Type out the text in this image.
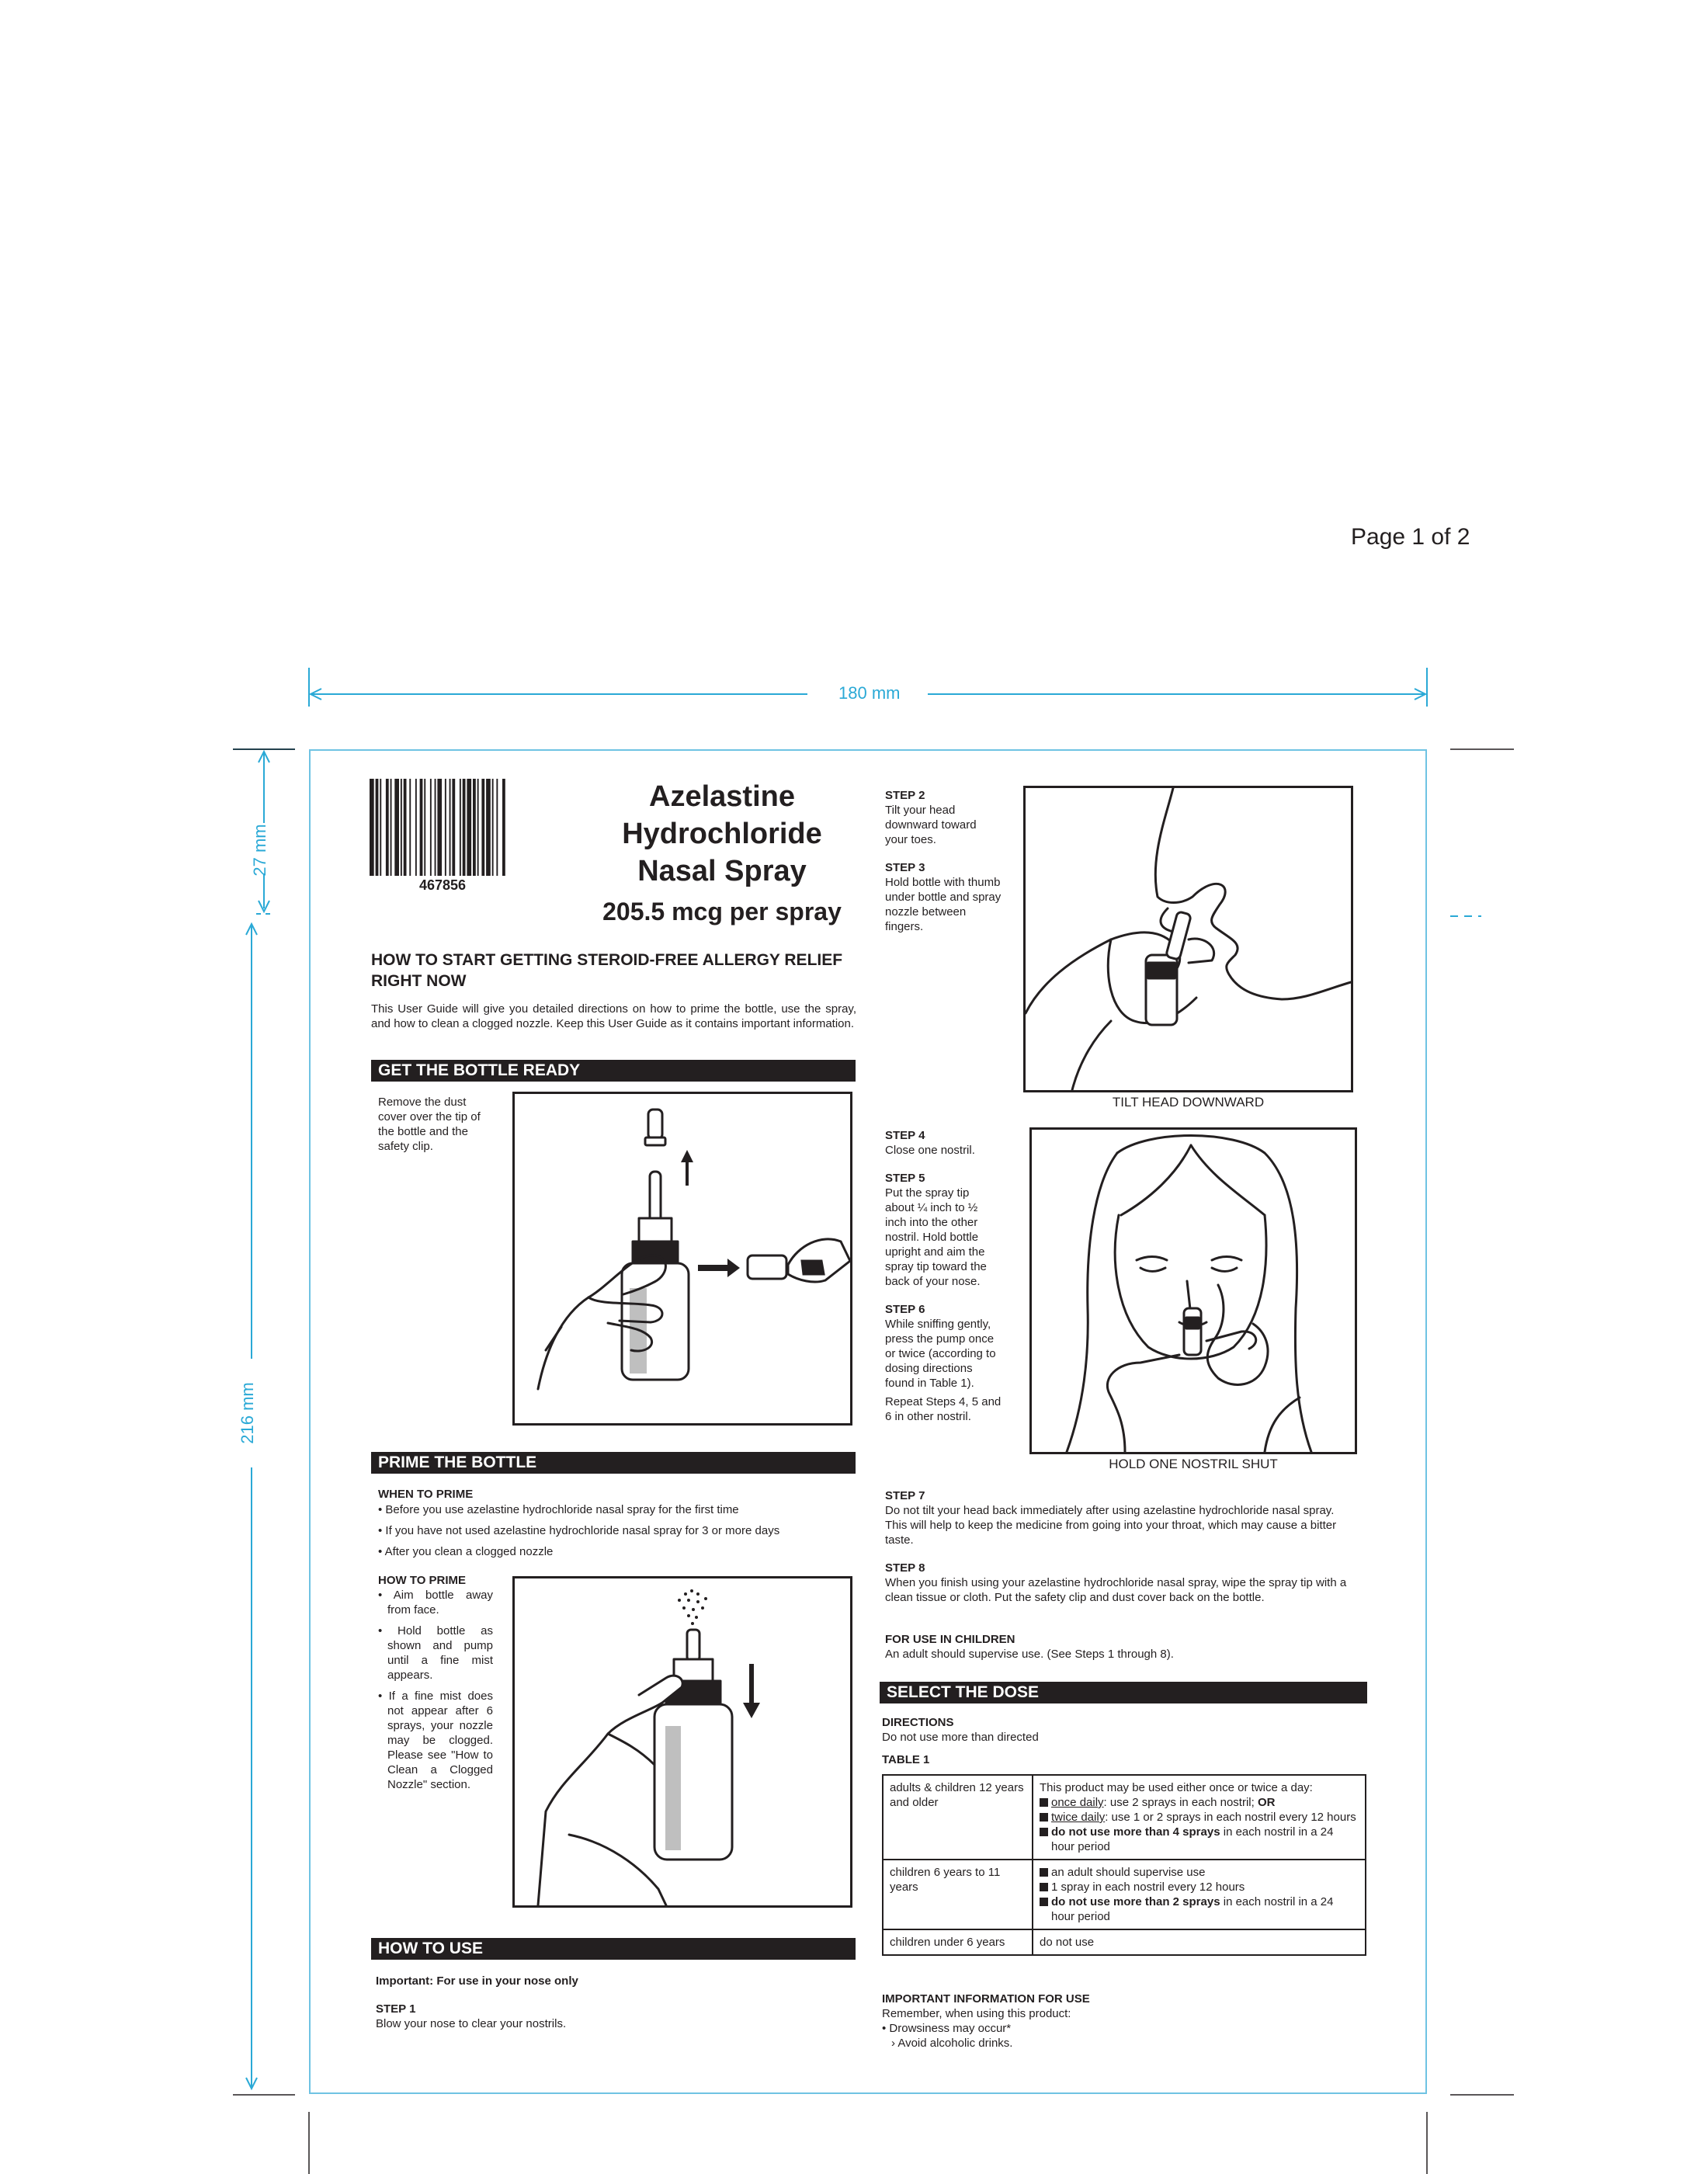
Page 1 of 2
180 mm
27 mm
216 mm
467856
Azelastine
Hydrochloride
Nasal Spray
205.5 mcg per spray
HOW TO START GETTING STEROID-FREE ALLERGY RELIEF RIGHT NOW
This User Guide will give you detailed directions on how to prime the bottle, use the spray, and how to clean a clogged nozzle. Keep this User Guide as it contains important information.
GET THE BOTTLE READY
Remove the dust cover over the tip of the bottle and the safety clip.
PRIME THE BOTTLE
WHEN TO PRIME
• Before you use azelastine hydrochloride nasal spray for the first time
• If you have not used azelastine hydrochloride nasal spray for 3 or more days
• After you clean a clogged nozzle
HOW TO PRIME
• Aim bottle away from face.
• Hold bottle as shown and pump until a fine mist appears.
• If a fine mist does not appear after 6 sprays, your nozzle may be clogged. Please see "How to Clean a Clogged Nozzle" section.
HOW TO USE
Important: For use in your nose only
STEP 1
Blow your nose to clear your nostrils.
STEP 2
Tilt your head downward toward your toes.
STEP 3
Hold bottle with thumb under bottle and spray nozzle between fingers.
TILT HEAD DOWNWARD
STEP 4
Close one nostril.
STEP 5
Put the spray tip about ¼ inch to ½ inch into the other nostril. Hold bottle upright and aim the spray tip toward the back of your nose.
STEP 6
While sniffing gently, press the pump once or twice (according to dosing directions found in Table 1).
Repeat Steps 4, 5 and 6 in other nostril.
HOLD ONE NOSTRIL SHUT
STEP 7
Do not tilt your head back immediately after using azelastine hydrochloride nasal spray. This will help to keep the medicine from going into your throat, which may cause a bitter taste.
STEP 8
When you finish using your azelastine hydrochloride nasal spray, wipe the spray tip with a clean tissue or cloth. Put the safety clip and dust cover back on the bottle.
FOR USE IN CHILDREN
An adult should supervise use. (See Steps 1 through 8).
SELECT THE DOSE
DIRECTIONS
Do not use more than directed
TABLE 1
adults & children 12 years and older	This product may be used either once or twice a day:
once daily: use 2 sprays in each nostril; OR
twice daily: use 1 or 2 sprays in each nostril every 12 hours
do not use more than 4 sprays in each nostril in a 24 hour period

children 6 years to 11 years	an adult should supervise use
1 spray in each nostril every 12 hours
do not use more than 2 sprays in each nostril in a 24 hour period

children under 6 years	do not use
IMPORTANT INFORMATION FOR USE
Remember, when using this product:
• Drowsiness may occur*
› Avoid alcoholic drinks.
